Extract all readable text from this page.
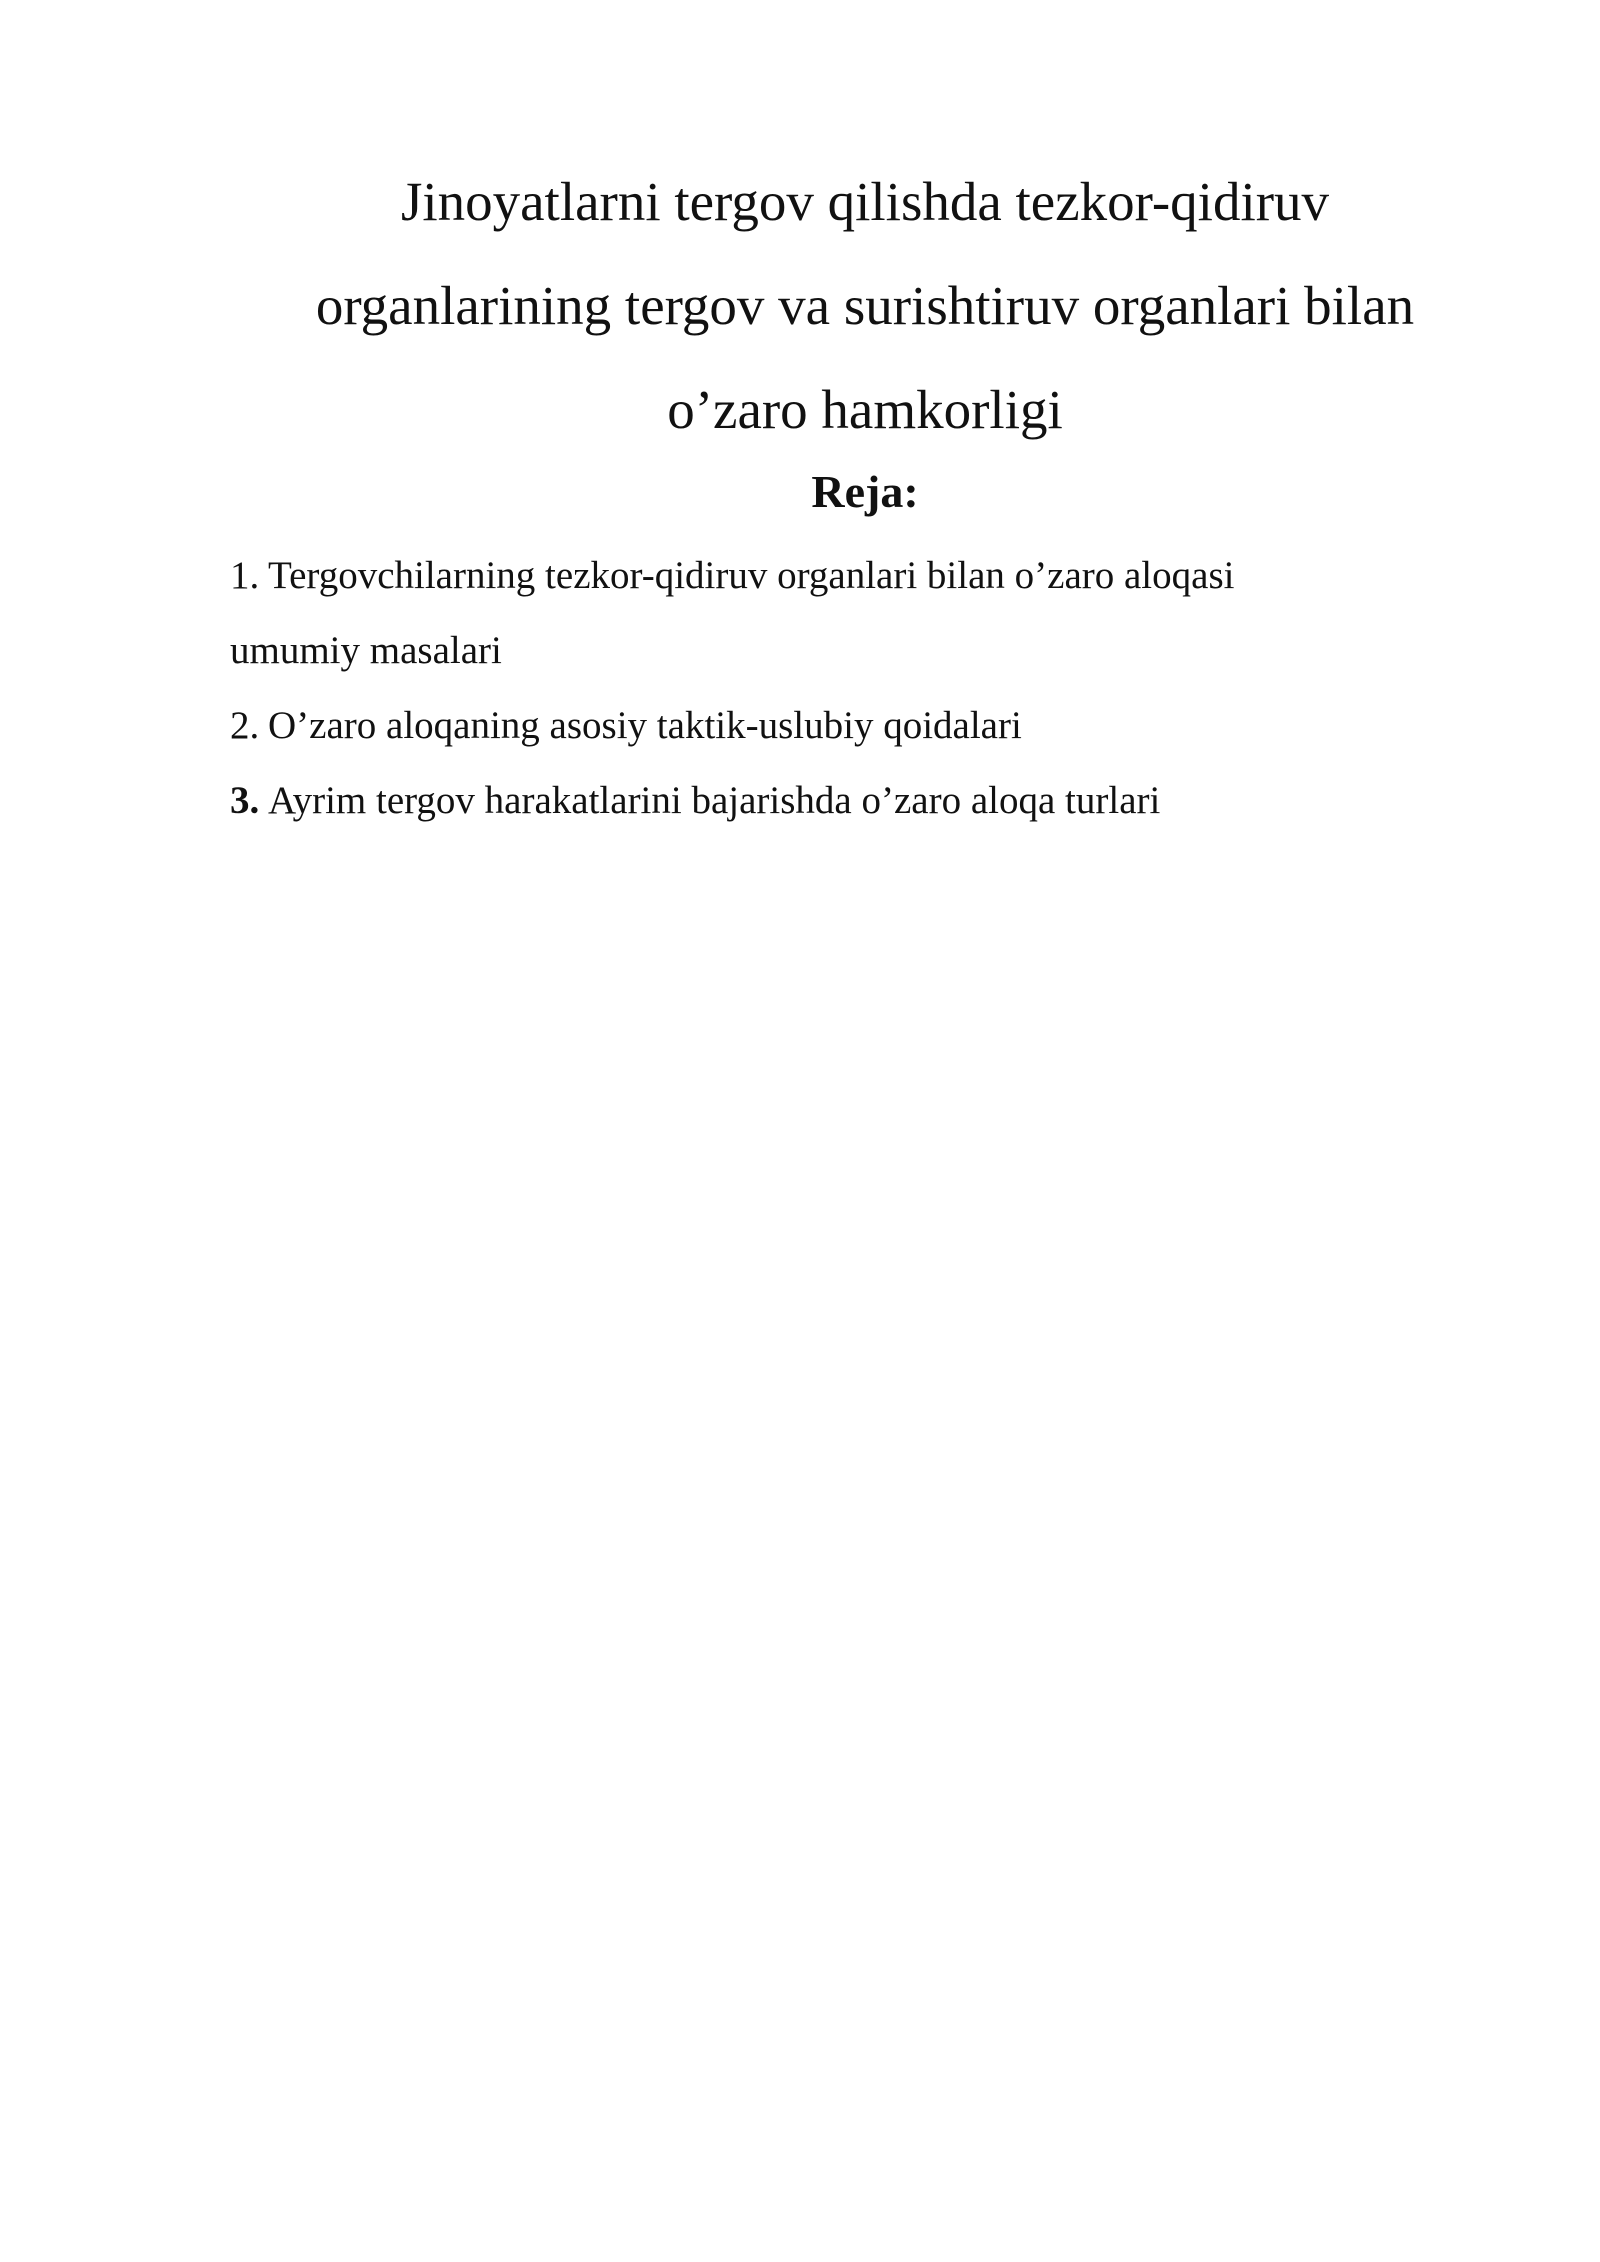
Jinoyatlarni tergov qilishda tezkor-qidiruv
organlarining tergov va surishtiruv organlari bilan
o’zaro hamkorligi
Reja:
1. Tergovchilarning tezkor-qidiruv organlari bilan o’zaro aloqasi
umumiy masalari
2. O’zaro aloqaning asosiy taktik-uslubiy qoidalari
3. Ayrim tergov harakatlarini bajarishda o’zaro aloqa turlari
